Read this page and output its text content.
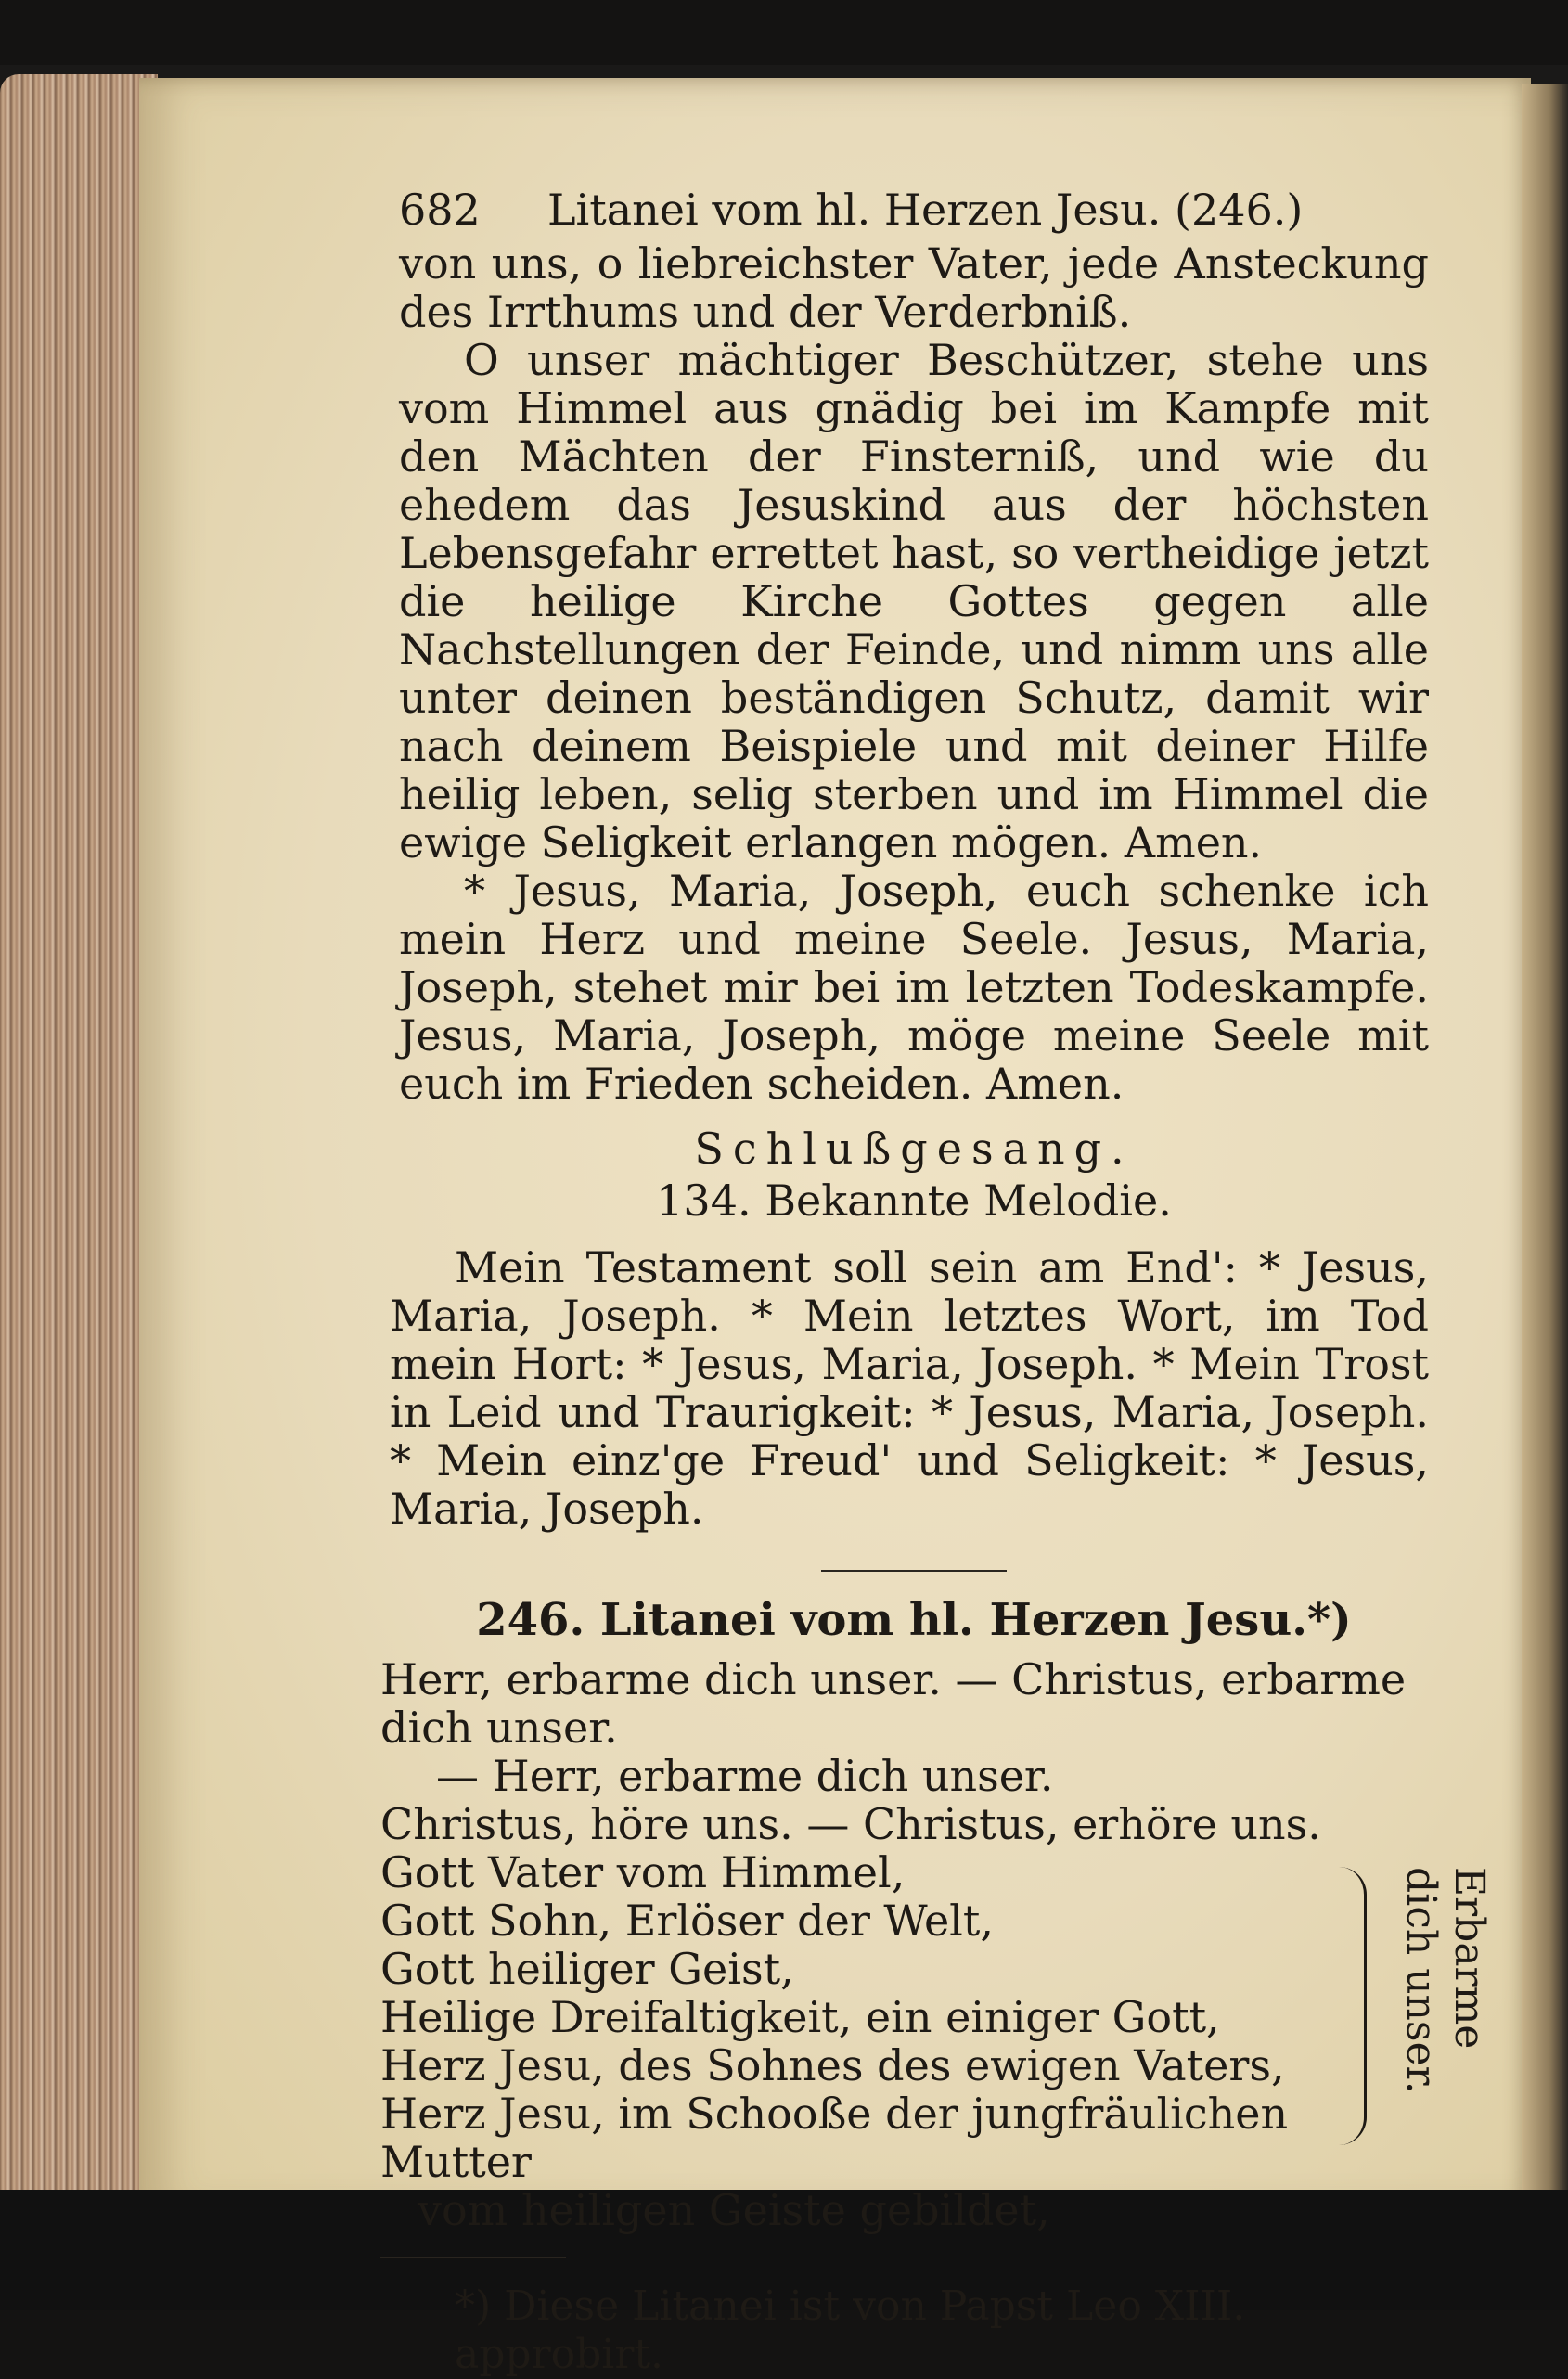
682	Litanei vom hl. Herzen Jesu. (246.)

von uns, o liebreichster Vater, jede Ansteckung des Irrthums und der Verderbniß.

O unser mächtiger Beschützer, stehe uns vom Himmel aus gnädig bei im Kampfe mit den Mächten der Finsterniß, und wie du ehedem das Jesuskind aus der höchsten Lebensgefahr errettet hast, so vertheidige jetzt die heilige Kirche Gottes gegen alle Nachstellungen der Feinde, und nimm uns alle unter deinen beständigen Schutz, damit wir nach deinem Beispiele und mit deiner Hilfe heilig leben, selig sterben und im Himmel die ewige Seligkeit erlangen mögen. Amen.

* Jesus, Maria, Joseph, euch schenke ich mein Herz und meine Seele. Jesus, Maria, Joseph, stehet mir bei im letzten Todeskampfe. Jesus, Maria, Joseph, möge meine Seele mit euch im Frieden scheiden. Amen.

Schlußgesang.
134. Bekannte Melodie.

Mein Testament soll sein am End': * Jesus, Maria, Joseph. * Mein letztes Wort, im Tod mein Hort: * Jesus, Maria, Joseph. * Mein Trost in Leid und Traurigkeit: * Jesus, Maria, Joseph. * Mein einz'ge Freud' und Seligkeit: * Jesus, Maria, Joseph.

246. Litanei vom hl. Herzen Jesu.*)
Herr, erbarme dich unser. — Christus, erbarme dich unser.
— Herr, erbarme dich unser.
Christus, höre uns. — Christus, erhöre uns.
Gott Vater vom Himmel,
Gott Sohn, Erlöser der Welt,
Gott heiliger Geist,
Heilige Dreifaltigkeit, ein einiger Gott,
Herz Jesu, des Sohnes des ewigen Vaters,
Herz Jesu, im Schooße der jungfräulichen Mutter
vom heiligen Geiste gebildet,
Erbarme dich unser.
*) Diese Litanei ist von Papst Leo XIII. approbirt.
